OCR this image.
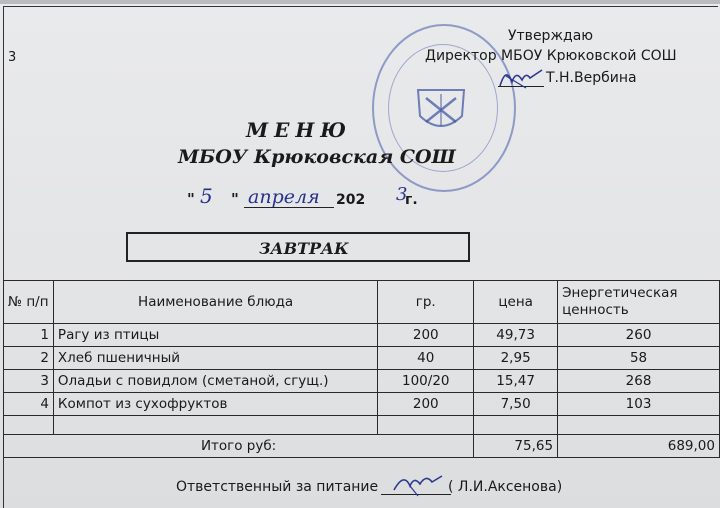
3
Утверждаю
Директор МБОУ Крюковской СОШ
Т.Н.Вербина
МЕНЮ
МБОУ Крюковская СОШ
" 5 " апреля 202 3
г.
ЗАВТРАК
№ п/п	Наименование блюда	гр.	цена	Энергетическая ценность
1	Рагу из птицы	200	49,73	260
2	Хлеб пшеничный	40	2,95	58
3	Оладьи с повидлом (сметаной, сгущ.)	100/20	15,47	268
4	Компот из сухофруктов	200	7,50	103

Итого руб:			75,65	689,00
Ответственный за питание	( Л.И.Аксенова)
